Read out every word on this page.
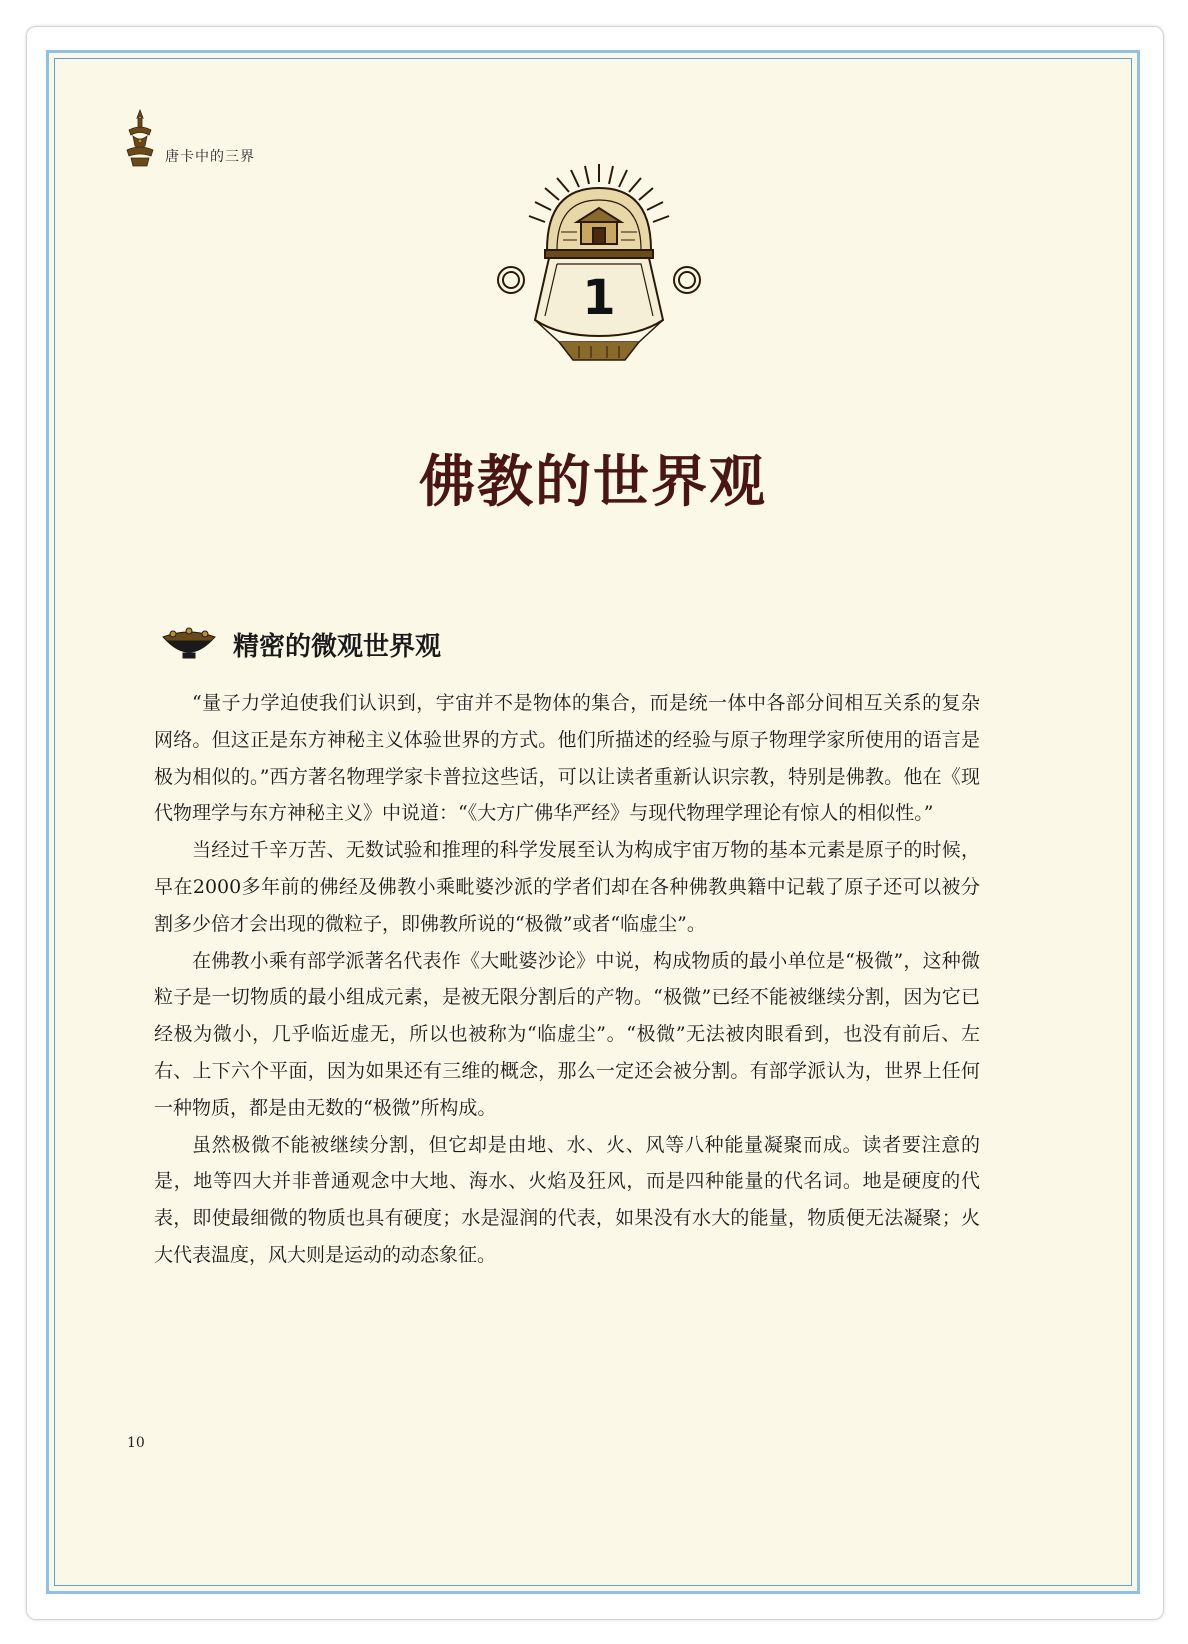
唐卡中的三界
1
佛教的世界观
精密的微观世界观

“量子力学迫使我们认识到，宇宙并不是物体的集合，而是统一体中各部分间相互关系的复杂网络。但这正是东方神秘主义体验世界的方式。他们所描述的经验与原子物理学家所使用的语言是极为相似的。”西方著名物理学家卡普拉这些话，可以让读者重新认识宗教，特别是佛教。他在《现代物理学与东方神秘主义》中说道：“《大方广佛华严经》与现代物理学理论有惊人的相似性。”

当经过千辛万苦、无数试验和推理的科学发展至认为构成宇宙万物的基本元素是原子的时候，早在2000多年前的佛经及佛教小乘毗婆沙派的学者们却在各种佛教典籍中记载了原子还可以被分割多少倍才会出现的微粒子，即佛教所说的“极微”或者“临虚尘”。

在佛教小乘有部学派著名代表作《大毗婆沙论》中说，构成物质的最小单位是“极微”，这种微粒子是一切物质的最小组成元素，是被无限分割后的产物。“极微”已经不能被继续分割，因为它已经极为微小，几乎临近虚无，所以也被称为“临虚尘”。“极微”无法被肉眼看到，也没有前后、左右、上下六个平面，因为如果还有三维的概念，那么一定还会被分割。有部学派认为，世界上任何一种物质，都是由无数的“极微”所构成。

虽然极微不能被继续分割，但它却是由地、水、火、风等八种能量凝聚而成。读者要注意的是，地等四大并非普通观念中大地、海水、火焰及狂风，而是四种能量的代名词。地是硬度的代表，即使最细微的物质也具有硬度；水是湿润的代表，如果没有水大的能量，物质便无法凝聚；火大代表温度，风大则是运动的动态象征。

10
